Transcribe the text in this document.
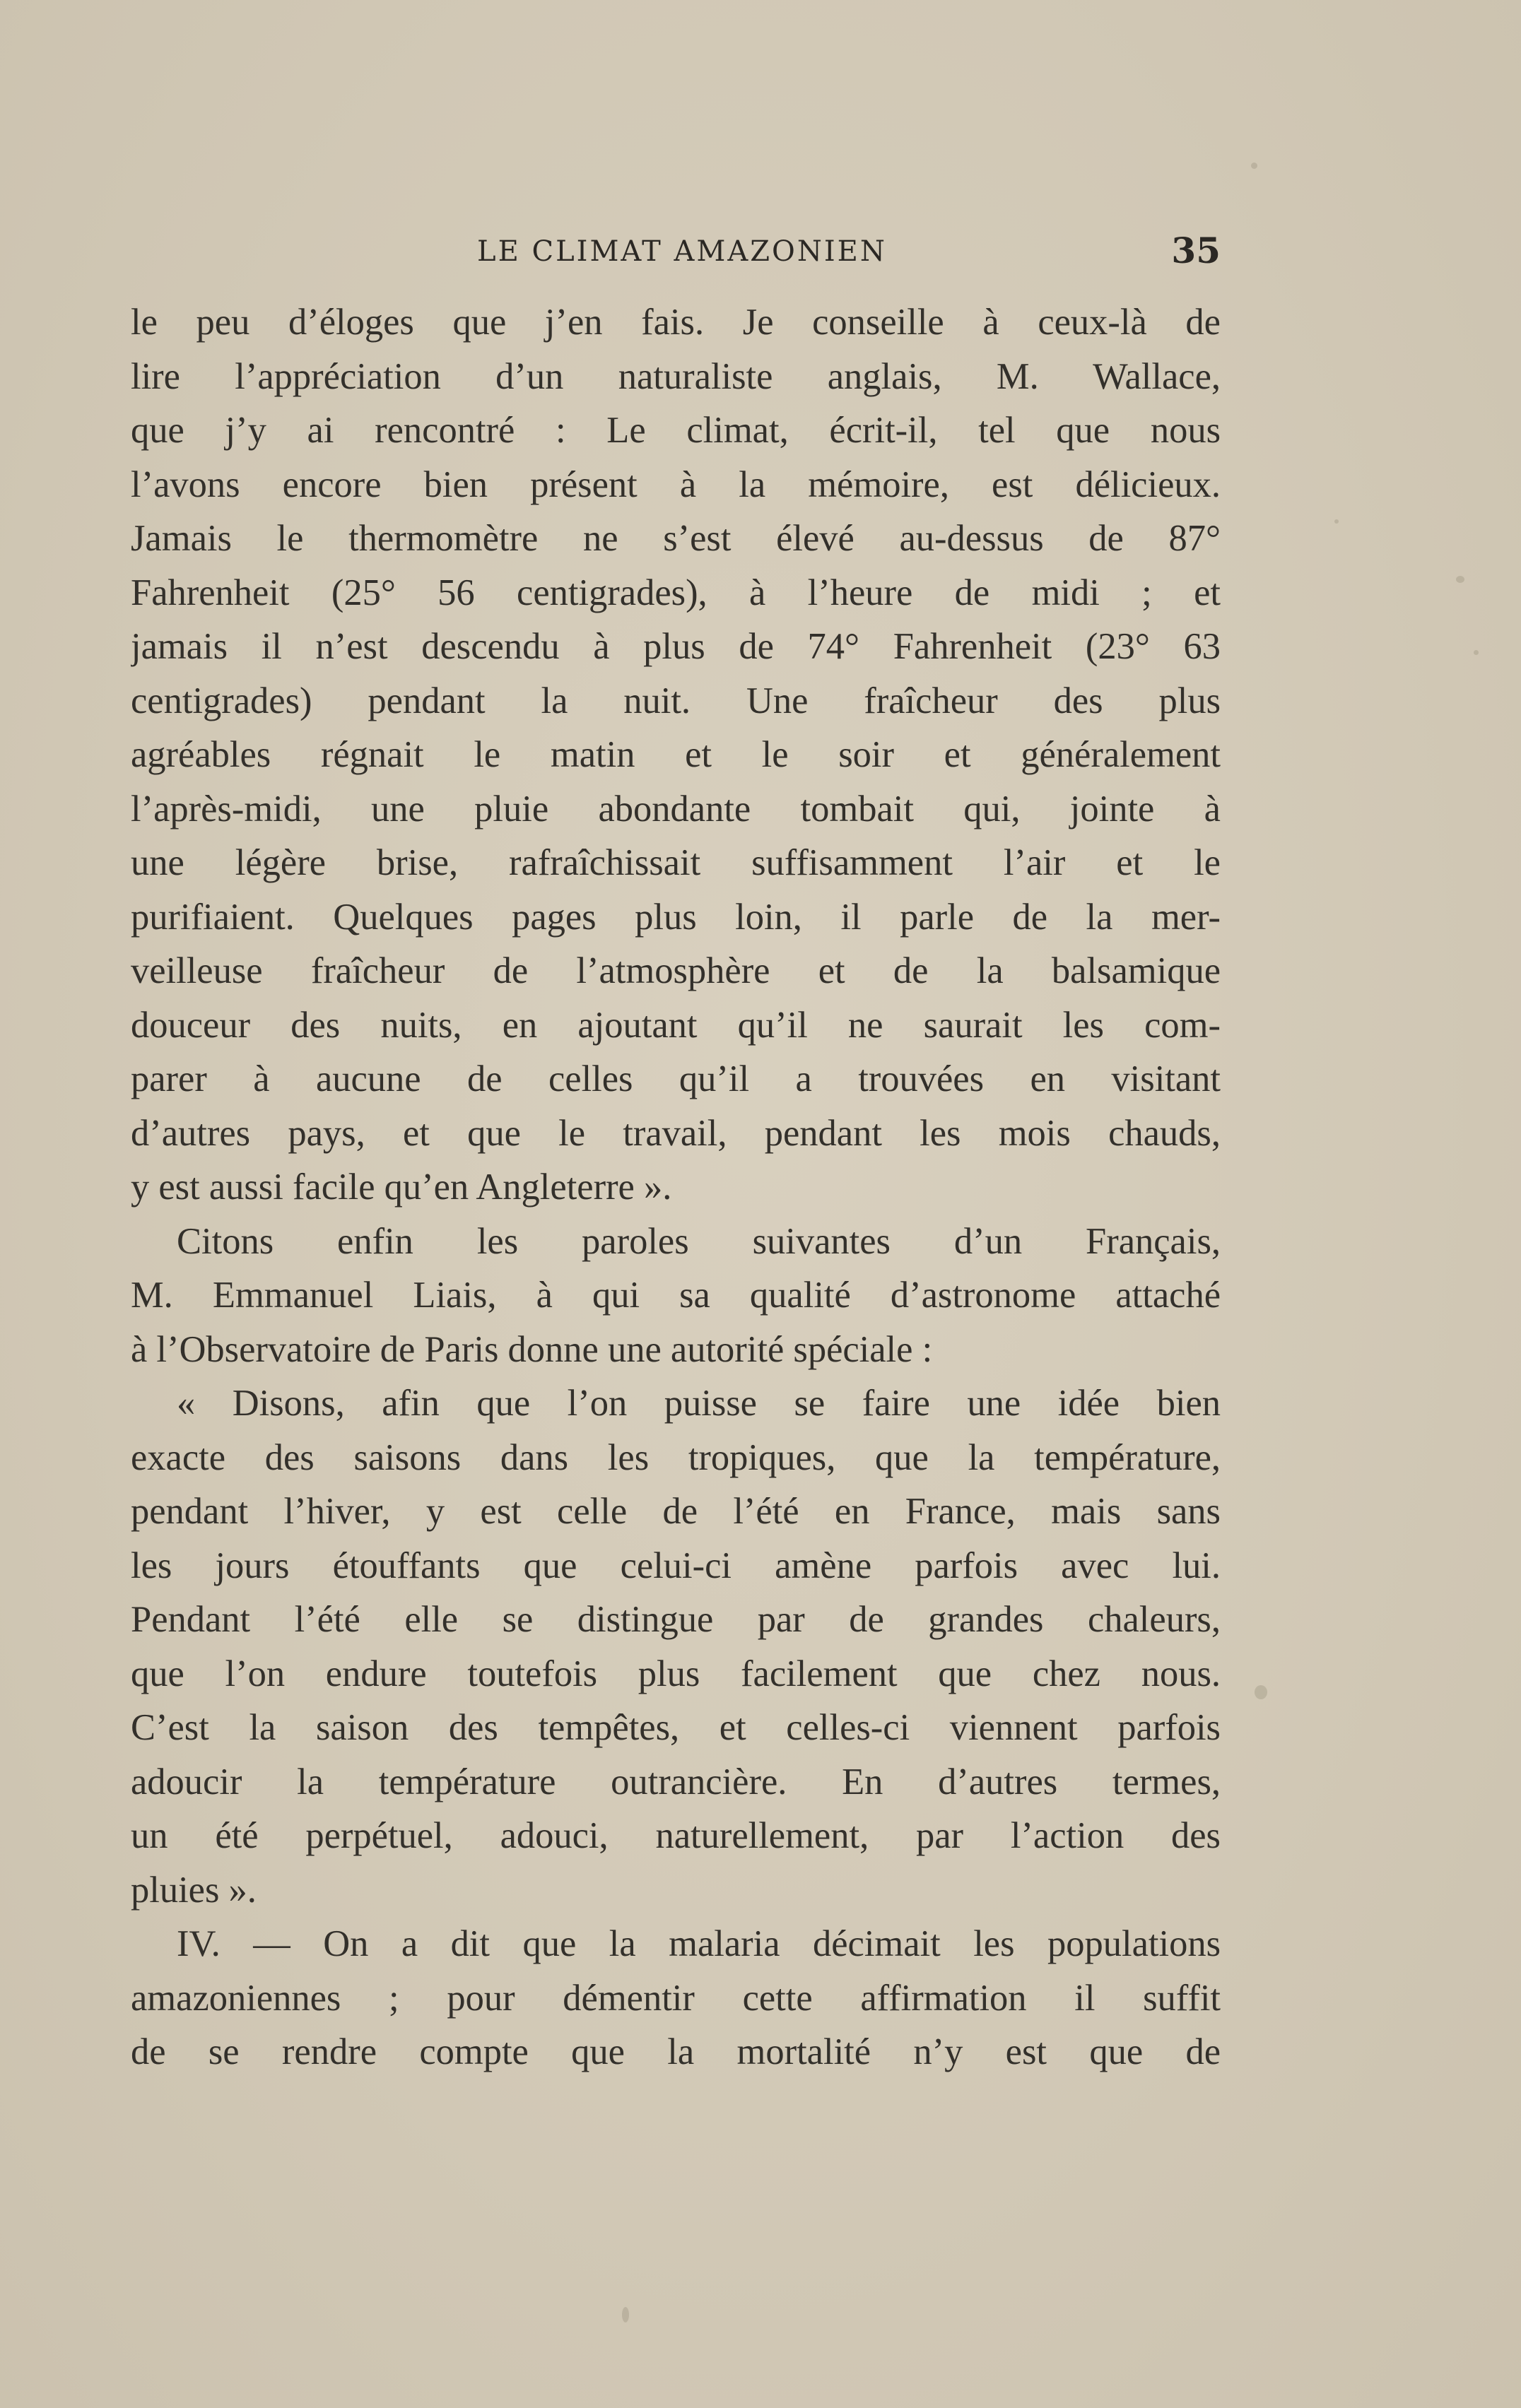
LE CLIMAT AMAZONIEN	35
le peu d’éloges que j’en fais. Je conseille à ceux-là de
lire l’appréciation d’un naturaliste anglais, M. Wallace,
que j’y ai rencontré : Le climat, écrit-il, tel que nous
l’avons encore bien présent à la mémoire, est délicieux.
Jamais le thermomètre ne s’est élevé au-dessus de 87°
Fahrenheit (25° 56 centigrades), à l’heure de midi ; et
jamais il n’est descendu à plus de 74° Fahrenheit (23° 63
centigrades) pendant la nuit. Une fraîcheur des plus
agréables régnait le matin et le soir et généralement
l’après-midi, une pluie abondante tombait qui, jointe à
une légère brise, rafraîchissait suffisamment l’air et le
purifiaient. Quelques pages plus loin, il parle de la mer-
veilleuse fraîcheur de l’atmosphère et de la balsamique
douceur des nuits, en ajoutant qu’il ne saurait les com-
parer à aucune de celles qu’il a trouvées en visitant
d’autres pays, et que le travail, pendant les mois chauds,
y est aussi facile qu’en Angleterre ».
Citons enfin les paroles suivantes d’un Français,
M. Emmanuel Liais, à qui sa qualité d’astronome attaché
à l’Observatoire de Paris donne une autorité spéciale :
« Disons, afin que l’on puisse se faire une idée bien
exacte des saisons dans les tropiques, que la température,
pendant l’hiver, y est celle de l’été en France, mais sans
les jours étouffants que celui-ci amène parfois avec lui.
Pendant l’été elle se distingue par de grandes chaleurs,
que l’on endure toutefois plus facilement que chez nous.
C’est la saison des tempêtes, et celles-ci viennent parfois
adoucir la température outrancière. En d’autres termes,
un été perpétuel, adouci, naturellement, par l’action des
pluies ».
IV. — On a dit que la malaria décimait les populations
amazoniennes ; pour démentir cette affirmation il suffit
de se rendre compte que la mortalité n’y est que de
